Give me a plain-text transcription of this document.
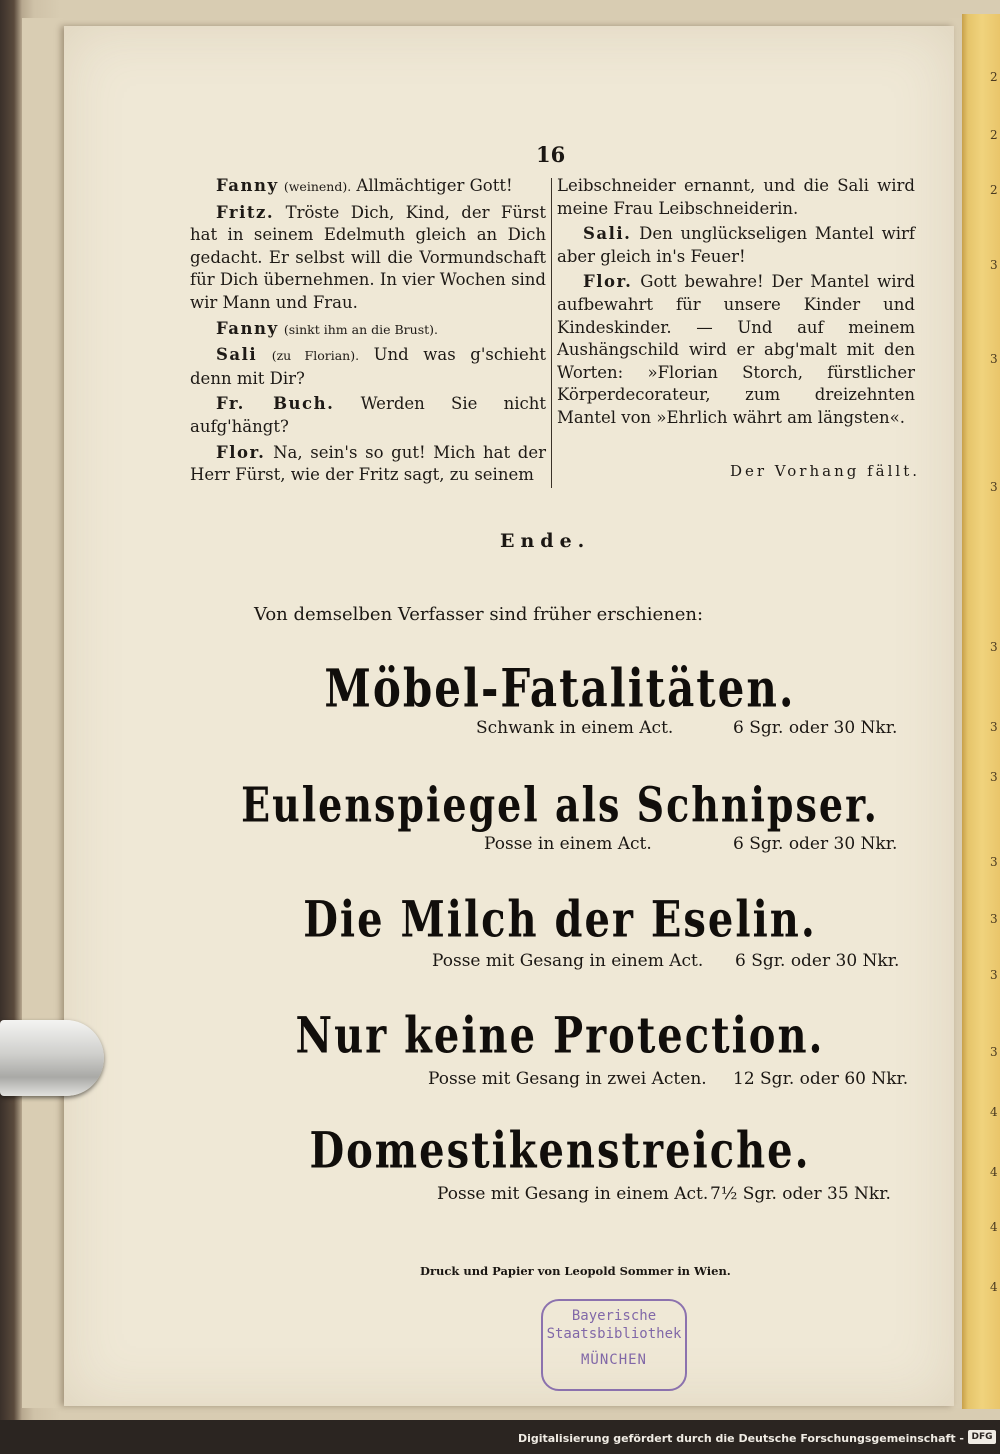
2
2
2
3
3
3
3
3
3
3
3
3
3
4
4
4
4
16

Fanny (weinend). Allmächtiger Gott!

Fritz. Tröste Dich, Kind, der Fürst hat in seinem Edelmuth gleich an Dich gedacht. Er selbst will die Vormundschaft für Dich übernehmen. In vier Wochen sind wir Mann und Frau.

Fanny (sinkt ihm an die Brust).

Sali (zu Florian). Und was g'schieht denn mit Dir?

Fr. Buch. Werden Sie nicht aufg'hängt?

Flor. Na, sein's so gut! Mich hat der Herr Fürst, wie der Fritz sagt, zu seinem

Leibschneider ernannt, und die Sali wird meine Frau Leibschneiderin.

Sali. Den unglückseligen Mantel wirf aber gleich in's Feuer!

Flor. Gott bewahre! Der Mantel wird aufbewahrt für unsere Kinder und Kindeskinder. — Und auf meinem Aushängschild wird er abg'malt mit den Worten: »Florian Storch, fürstlicher Körperdecorateur, zum dreizehnten Mantel von »Ehrlich währt am längsten«.

Der Vorhang fällt.
Ende.
Von demselben Verfasser sind früher erschienen:
Möbel-Fatalitäten.
Schwank in einem Act.	6 Sgr. oder 30 Nkr.
Eulenspiegel als Schnipser.
Posse in einem Act.	6 Sgr. oder 30 Nkr.
Die Milch der Eselin.
Posse mit Gesang in einem Act. 6 Sgr. oder 30 Nkr.
Nur keine Protection.
Posse mit Gesang in zwei Acten. 12 Sgr. oder 60 Nkr.
Domestikenstreiche.
Posse mit Gesang in einem Act. 7½ Sgr. oder 35 Nkr.
Druck und Papier von Leopold Sommer in Wien.
Bayerische
Staatsbibliothek
MÜNCHEN
Digitalisierung gefördert durch die Deutsche Forschungsgemeinschaft - DFG
